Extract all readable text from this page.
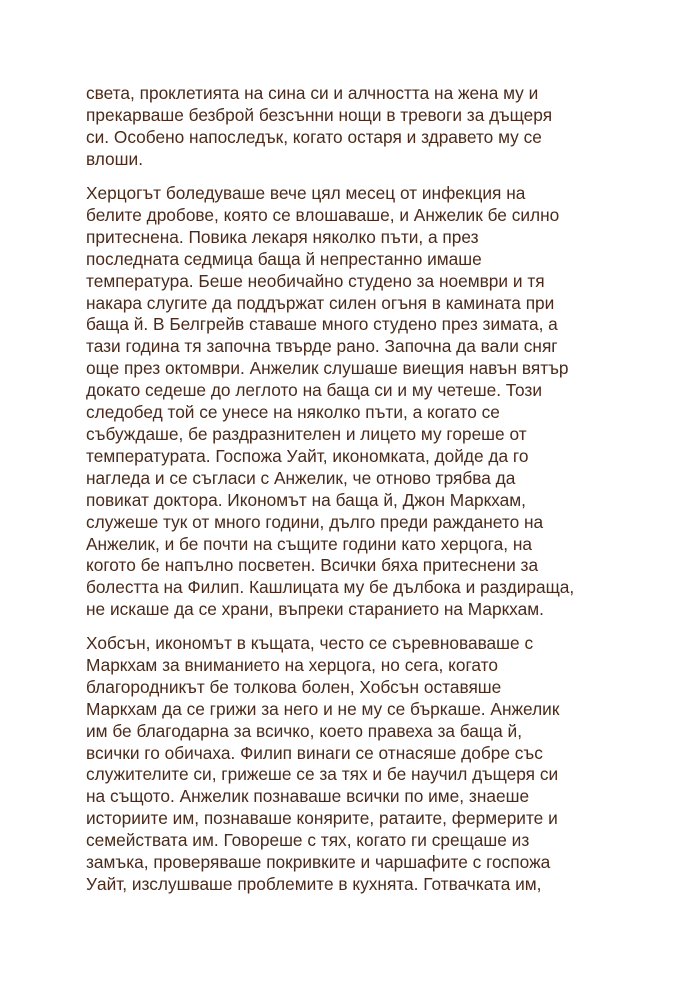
света, проклетията на сина си и алчността на жена му и
прекарваше безброй безсънни нощи в тревоги за дъщеря
си. Особено напоследък, когато остаря и здравето му се
влоши.
Херцогът боледуваше вече цял месец от инфекция на
белите дробове, която се влошаваше, и Анжелик бе силно
притеснена. Повика лекаря няколко пъти, а през
последната седмица баща й непрестанно имаше
температура. Беше необичайно студено за ноември и тя
накара слугите да поддържат силен огъня в камината при
баща й. В Белгрейв ставаше много студено през зимата, а
тази година тя започна твърде рано. Започна да вали сняг
още през октомври. Анжелик слушаше виещия навън вятър
докато седеше до леглото на баща си и му четеше. Този
следобед той се унесе на няколко пъти, а когато се
събуждаше, бе раздразнителен и лицето му гореше от
температурата. Госпожа Уайт, икономката, дойде да го
нагледа и се съгласи с Анжелик, че отново трябва да
повикат доктора. Икономът на баща й, Джон Маркхам,
служеше тук от много години, дълго преди раждането на
Анжелик, и бе почти на същите години като херцога, на
когото бе напълно посветен. Всички бяха притеснени за
болестта на Филип. Кашлицата му бе дълбока и раздираща,
не искаше да се храни, въпреки старанието на Маркхам.
Хобсън, икономът в къщата, често се съревноваваше с
Маркхам за вниманието на херцога, но сега, когато
благородникът бе толкова болен, Хобсън оставяше
Маркхам да се грижи за него и не му се бъркаше. Анжелик
им бе благодарна за всичко, което правеха за баща й,
всички го обичаха. Филип винаги се отнасяше добре със
служителите си, грижеше се за тях и бе научил дъщеря си
на същото. Анжелик познаваше всички по име, знаеше
историите им, познаваше конярите, ратаите, фермерите и
семействата им. Говореше с тях, когато ги срещаше из
замъка, проверяваше покривките и чаршафите с госпожа
Уайт, изслушваше проблемите в кухнята. Готвачката им,
